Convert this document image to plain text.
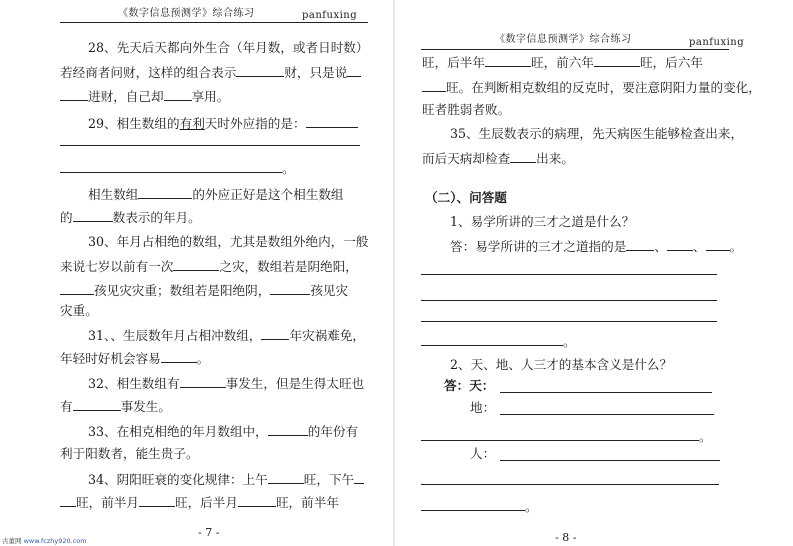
《数字信息预测学》综合练习	panfuxing
28、先天后天都向外生合（年月数，或者日时数）
若经商者问财，这样的组合表示	财，只是说
进财，自己却 享用。
29、相生数组的有利天时外应指的是：
。
相生数组	的外应正好是这个相生数组
的	数表示的年月。
30、年月占相绝的数组，尤其是数组外绝内，一般
来说七岁以前有一次	之灾，数组若是阴绝阳，
孩见灾灾重；数组若是阳绝阴，	孩见灾
灾重。
31、、生辰数年月占相冲数组， 年灾祸难免，
年轻时好机会容易	。
32、相生数组有	事发生，但是生得太旺也
有	事发生。
33、在相克相绝的年月数组中，	的年份有
利于阳数者，能生贵子。
34、阴阳旺衰的变化规律：上午	旺，下午
旺，前半月	旺，后半月	旺，前半年
- 7 -
古董网 www.fczhy920.com
《数字信息预测学》综合练习	panfuxing
旺，后半年	旺，前六年	旺，后六年
旺。在判断相克数组的反克时，要注意阴阳力量的变化，
旺者胜弱者败。
35、生辰数表示的病理，先天病医生能够检查出来，
而后天病却检查 出来。
（二）、问答题
1、易学所讲的三才之道是什么？
答：易学所讲的三才之道指的是 、 、 。
。
2、天、地、人三才的基本含义是什么？
答：天：
地：
。
人：
。
- 8 -
